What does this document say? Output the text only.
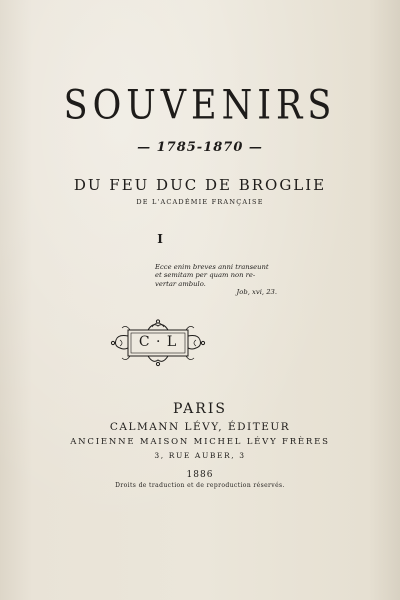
SOUVENIRS
— 1785-1870 —
DU FEU DUC DE BROGLIE
DE L'ACADÉMIE FRANÇAISE
I
Ecce enim breves anni transeunt
et semitam per quam non re-
vertar ambulo.
Job, xvi, 23.
C · L
PARIS
CALMANN LÉVY, ÉDITEUR
ANCIENNE MAISON MICHEL LÉVY FRÈRES
3, RUE AUBER, 3
1886
Droits de traduction et de reproduction réservés.
